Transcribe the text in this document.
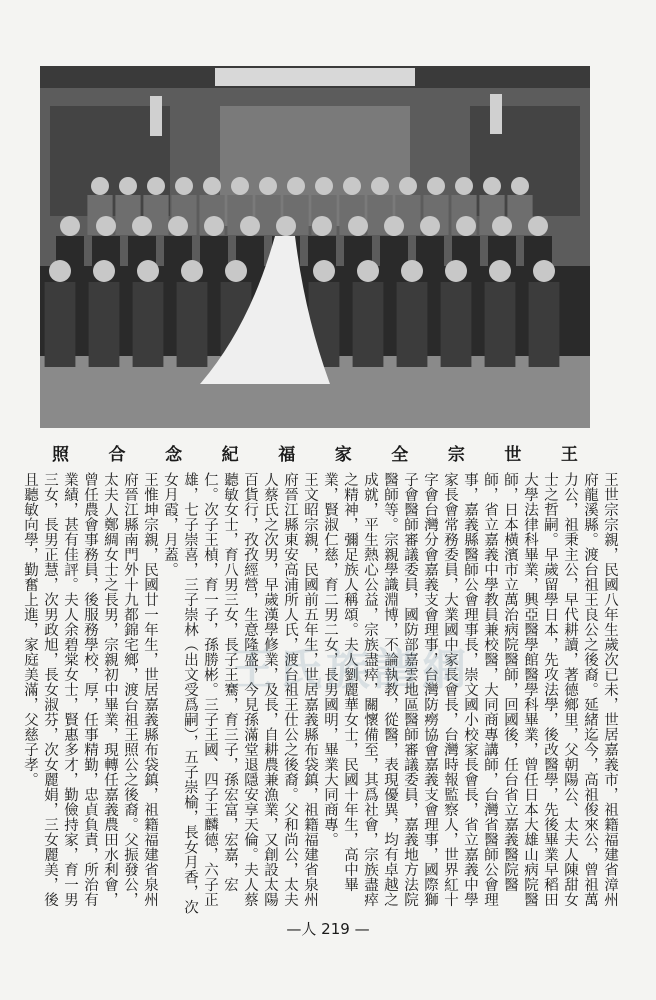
王
世
宗
全
家
福
紀
念
合
照

王世宗宗親，民國八年生歲次已未，世居嘉義市，祖籍福建省漳州府龍溪縣。渡台祖王良公之後裔。延緒迄今，高祖俊來公，曾祖萬力公，祖秉主公，早代耕讀，著德鄉里，父朝陽公、太夫人陳甜女士之哲嗣。早歲留學日本，先攻法學，後改醫學，先後畢業早稻田大學法律科畢業，興亞醫學館醫學科畢業，曾任日本大雄山病院醫師，日本橫濱市立萬治病院醫師，回國後，任台省立嘉義醫院醫師，省立嘉義中學教員兼校醫，大同商專講師，台灣省醫師公會理事，嘉義縣醫師公會理事長，崇文國小校家長會長，省立嘉義中學家長會常務委員，大業國中家長會長，台灣時報監察人，世界紅十字會台灣分會嘉義支會理事，台灣防癆協會嘉義支會理事，國際獅子會醫師審議委員，國防部嘉雲地區醫師審議委員，嘉義地方法院醫師等。宗親學識淵博，不論執教，從醫，表現優異，均有卓越之成就，平生熱心公益，宗族盡瘁，關懷備至，其爲社會，宗族盡瘁之精神，彌足族人稱頌。夫人劉麗華女士，民國十年生，高中畢業，賢淑仁慈，育二男二女，長男國明，畢業大同商專。

王文昭宗親，民國前五年生，世居嘉義縣布袋鎮，祖籍福建省泉州府晉江縣東安高浦所人氏，渡台祖王仕公之後裔。父和尚公，太夫人蔡氏之次男，早歲漢學修業，及長，自耕農兼漁業，又創設太陽百貨行，孜孜經營，生意隆盛，今見孫滿堂退隱安享天倫。夫人蔡聽敏女士，育八男三女，長子王騫，育三子，孫宏富，宏嘉，宏仁。次子王楨，育一子，孫勝彬。三子王國、四子王麟德，六子正雄，七子崇喜，三子崇林（出文受爲嗣），五子崇榆，長女月香，次女月霞，月蓋。

王惟坤宗親，民國廿一年生，世居嘉義縣布袋鎮，祖籍福建省泉州府晉江縣南門外十九都錦宅鄉，渡台祖王照公之後裔。父振發公，太夫人鄭綢女士之長男，宗親初中畢業，現轉任嘉義農田水利會，曾任農會事務員，後服務學校，厚，任事精勤，忠貞負責，所治有業績，甚有佳評。夫人余碧棠女士，賢惠多才，勤儉持家，育一男三女，長男正慧，次男政旭，長女淑芬，次女麗娟，三女麗美，後且聽敏向學，勤奮上進，家庭美滿，父慈子孝。	王氏族譜網
—人 219 —
